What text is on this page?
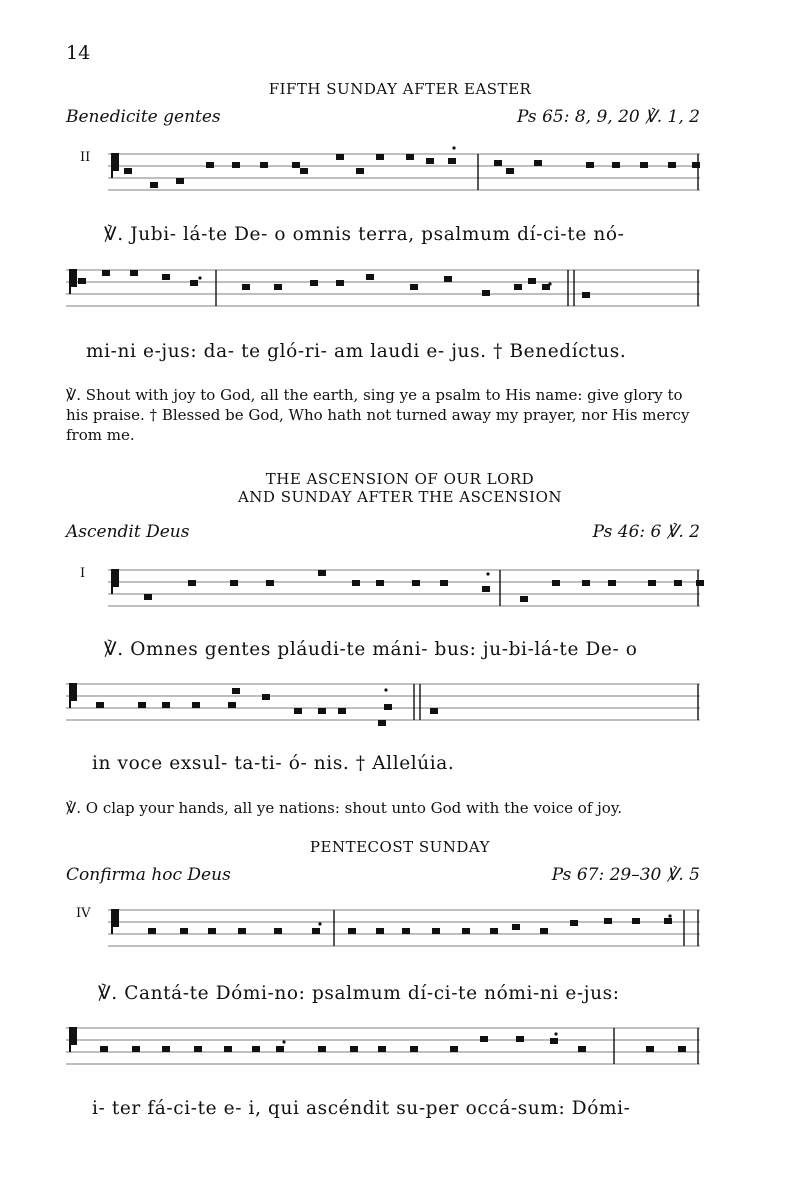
14
FIFTH SUNDAY AFTER EASTER
Benedicite gentes	Ps 65: 8, 9, 20 ℣. 1, 2
II
℣. Jubi- lá-te De- o omnis terra, psalmum dí-ci-te nó-
mi-ni e-jus: da- te gló-ri- am laudi e- jus. † Benedíctus.
℣. Shout with joy to God, all the earth, sing ye a psalm to His name: give glory to his praise. † Blessed be God, Who hath not turned away my prayer, nor His mercy from me.
THE ASCENSION OF OUR LORD
AND SUNDAY AFTER THE ASCENSION
Ascendit Deus	Ps 46: 6 ℣. 2
I
℣. Omnes gentes pláudi-te máni- bus: ju-bi-lá-te De- o
in voce exsul- ta-ti- ó- nis. † Allelúia.
℣. O clap your hands, all ye nations: shout unto God with the voice of joy.
PENTECOST SUNDAY
Confirma hoc Deus	Ps 67: 29–30 ℣. 5
IV
℣. Cantá-te Dómi-no: psalmum dí-ci-te nómi-ni e-jus:
i- ter fá-ci-te e- i, qui ascéndit su-per occá-sum: Dómi-
